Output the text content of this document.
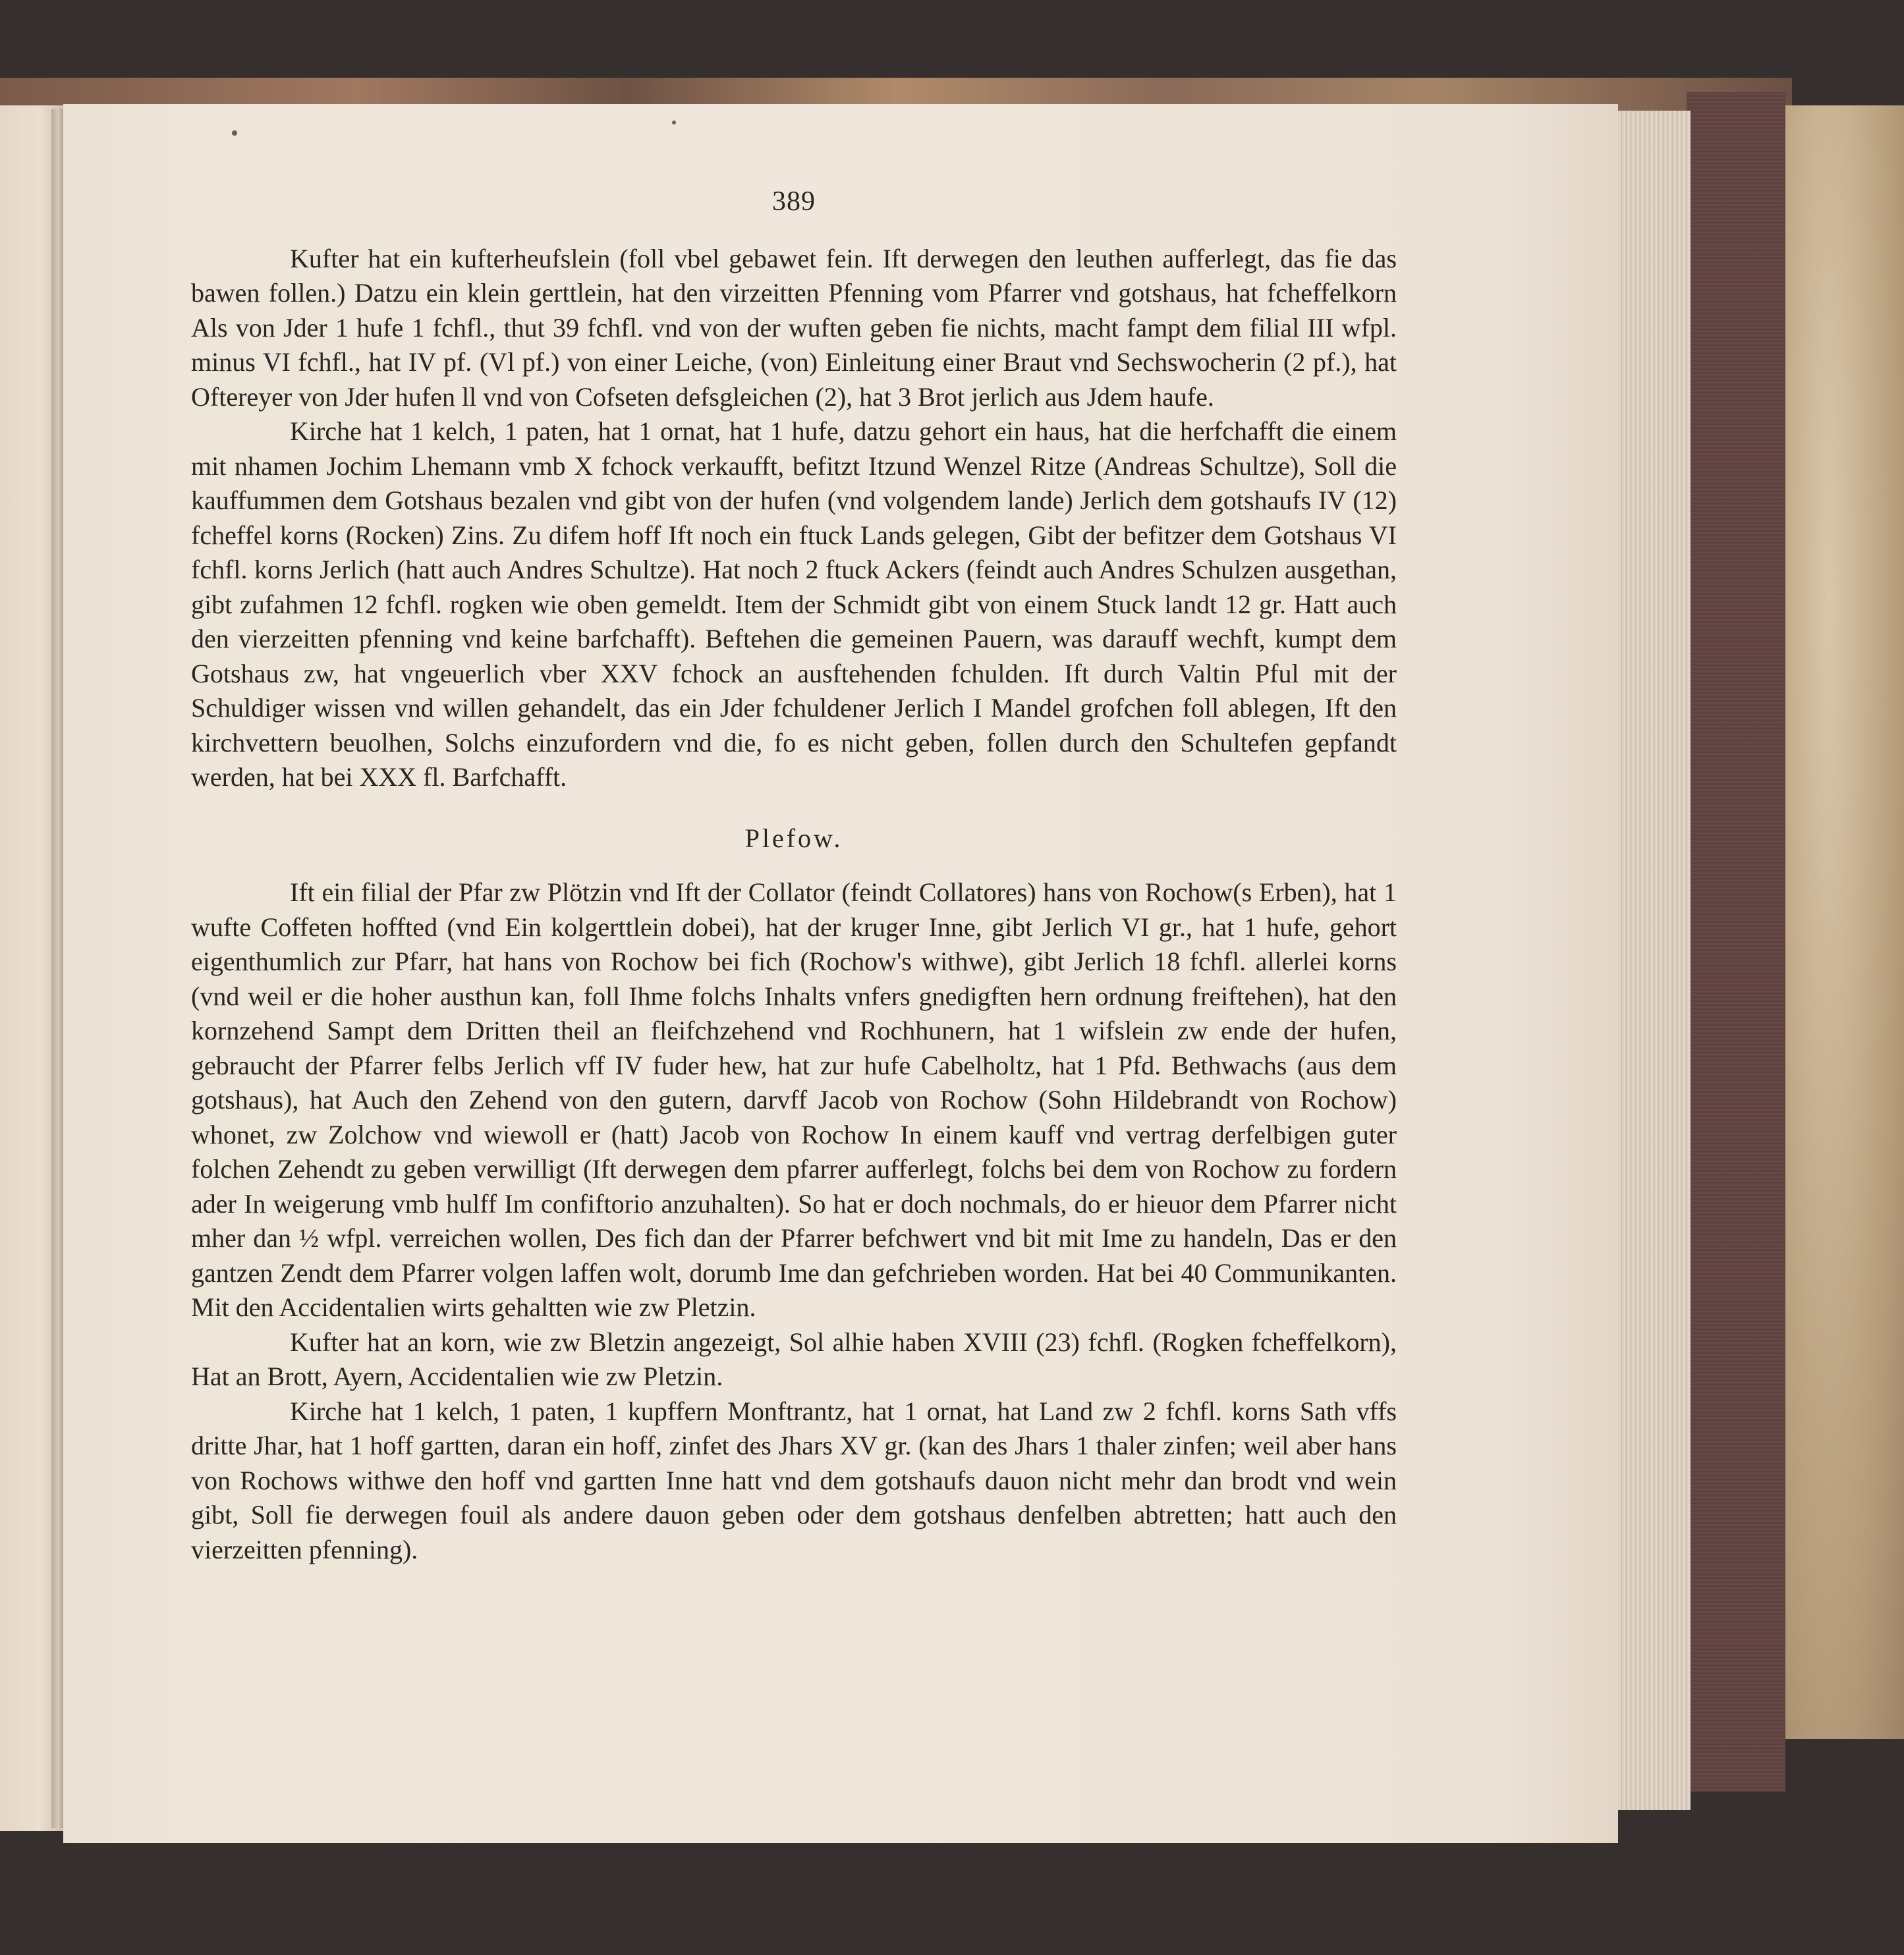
389

Kufter hat ein kufterheufslein (foll vbel gebawet fein. Ift derwegen den leuthen aufferlegt, das fie das bawen follen.) Datzu ein klein gerttlein, hat den virzeitten Pfenning vom Pfarrer vnd gotshaus, hat fcheffelkorn Als von Jder 1 hufe 1 fchfl., thut 39 fchfl. vnd von der wuften geben fie nichts, macht fampt dem filial III wfpl. minus VI fchfl., hat IV pf. (Vl pf.) von einer Leiche, (von) Einleitung einer Braut vnd Sechswocherin (2 pf.), hat Oftereyer von Jder hufen ll vnd von Cofseten defsgleichen (2), hat 3 Brot jerlich aus Jdem haufe.

Kirche hat 1 kelch, 1 paten, hat 1 ornat, hat 1 hufe, datzu gehort ein haus, hat die herfchafft die einem mit nhamen Jochim Lhemann vmb X fchock verkaufft, befitzt Itzund Wenzel Ritze (Andreas Schultze), Soll die kauffummen dem Gotshaus bezalen vnd gibt von der hufen (vnd volgendem lande) Jerlich dem gotshaufs IV (12) fcheffel korns (Rocken) Zins. Zu difem hoff Ift noch ein ftuck Lands gelegen, Gibt der befitzer dem Gotshaus VI fchfl. korns Jerlich (hatt auch Andres Schultze). Hat noch 2 ftuck Ackers (feindt auch Andres Schulzen ausgethan, gibt zufahmen 12 fchfl. rogken wie oben gemeldt. Item der Schmidt gibt von einem Stuck landt 12 gr. Hatt auch den vierzeitten pfenning vnd keine barfchafft). Beftehen die gemeinen Pauern, was darauff wechft, kumpt dem Gotshaus zw, hat vngeuerlich vber XXV fchock an ausftehenden fchulden. Ift durch Valtin Pful mit der Schuldiger wissen vnd willen gehandelt, das ein Jder fchuldener Jerlich I Mandel grofchen foll ablegen, Ift den kirchvettern beuolhen, Solchs einzufordern vnd die, fo es nicht geben, follen durch den Schultefen gepfandt werden, hat bei XXX fl. Barfchafft.

Plefow.

Ift ein filial der Pfar zw Plötzin vnd Ift der Collator (feindt Collatores) hans von Rochow(s Erben), hat 1 wufte Coffeten hoffted (vnd Ein kolgerttlein dobei), hat der kruger Inne, gibt Jerlich VI gr., hat 1 hufe, gehort eigenthumlich zur Pfarr, hat hans von Rochow bei fich (Rochow's withwe), gibt Jerlich 18 fchfl. allerlei korns (vnd weil er die hoher austhun kan, foll Ihme folchs Inhalts vnfers gnedigften hern ordnung freiftehen), hat den kornzehend Sampt dem Dritten theil an fleifchzehend vnd Rochhunern, hat 1 wifslein zw ende der hufen, gebraucht der Pfarrer felbs Jerlich vff IV fuder hew, hat zur hufe Cabelholtz, hat 1 Pfd. Bethwachs (aus dem gotshaus), hat Auch den Zehend von den gutern, darvff Jacob von Rochow (Sohn Hildebrandt von Rochow) whonet, zw Zolchow vnd wiewoll er (hatt) Jacob von Rochow In einem kauff vnd vertrag derfelbigen guter folchen Zehendt zu geben verwilligt (Ift derwegen dem pfarrer aufferlegt, folchs bei dem von Rochow zu fordern ader In weigerung vmb hulff Im confiftorio anzuhalten). So hat er doch nochmals, do er hieuor dem Pfarrer nicht mher dan ½ wfpl. verreichen wollen, Des fich dan der Pfarrer befchwert vnd bit mit Ime zu handeln, Das er den gantzen Zendt dem Pfarrer volgen laffen wolt, dorumb Ime dan gefchrieben worden. Hat bei 40 Communikanten. Mit den Accidentalien wirts gehaltten wie zw Pletzin.

Kufter hat an korn, wie zw Bletzin angezeigt, Sol alhie haben XVIII (23) fchfl. (Rogken fcheffelkorn), Hat an Brott, Ayern, Accidentalien wie zw Pletzin.

Kirche hat 1 kelch, 1 paten, 1 kupffern Monftrantz, hat 1 ornat, hat Land zw 2 fchfl. korns Sath vffs dritte Jhar, hat 1 hoff gartten, daran ein hoff, zinfet des Jhars XV gr. (kan des Jhars 1 thaler zinfen; weil aber hans von Rochows withwe den hoff vnd gartten Inne hatt vnd dem gotshaufs dauon nicht mehr dan brodt vnd wein gibt, Soll fie derwegen fouil als andere dauon geben oder dem gotshaus denfelben abtretten; hatt auch den vierzeitten pfenning).
